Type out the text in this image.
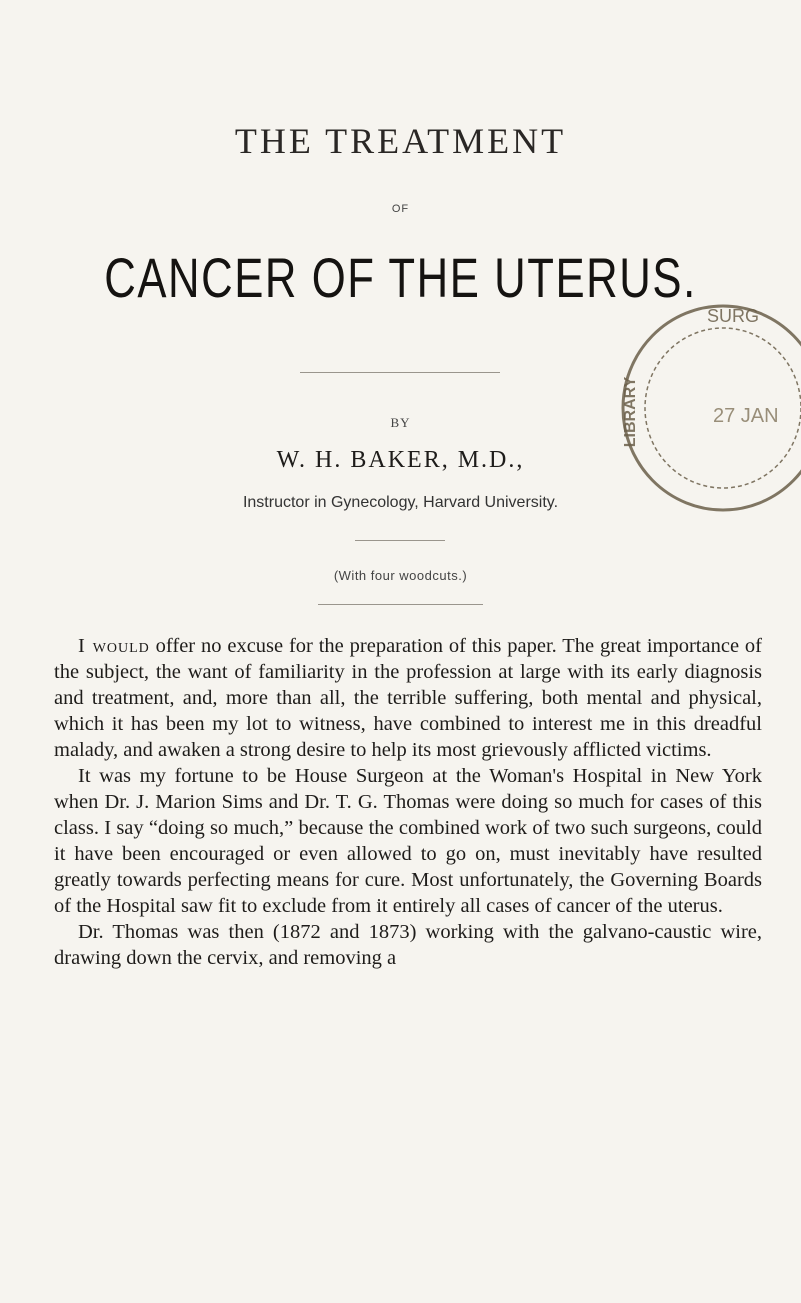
THE TREATMENT
OF
CANCER OF THE UTERUS.
BY
W. H. BAKER, M.D.,
Instructor in Gynecology, Harvard University.
(With four woodcuts.)
SURG
LIBRARY	27 JAN

I would offer no excuse for the preparation of this paper. The great importance of the subject, the want of familiarity in the profession at large with its early diagnosis and treatment, and, more than all, the terrible suffering, both mental and physical, which it has been my lot to witness, have combined to interest me in this dreadful malady, and awaken a strong desire to help its most grievously afflicted victims.

It was my fortune to be House Surgeon at the Woman's Hospital in New York when Dr. J. Marion Sims and Dr. T. G. Thomas were doing so much for cases of this class. I say “doing so much,” because the combined work of two such surgeons, could it have been encouraged or even allowed to go on, must inevitably have resulted greatly towards perfecting means for cure. Most unfortunately, the Governing Boards of the Hospital saw fit to exclude from it entirely all cases of cancer of the uterus.

Dr. Thomas was then (1872 and 1873) working with the galvano-caustic wire, drawing down the cervix, and removing a
